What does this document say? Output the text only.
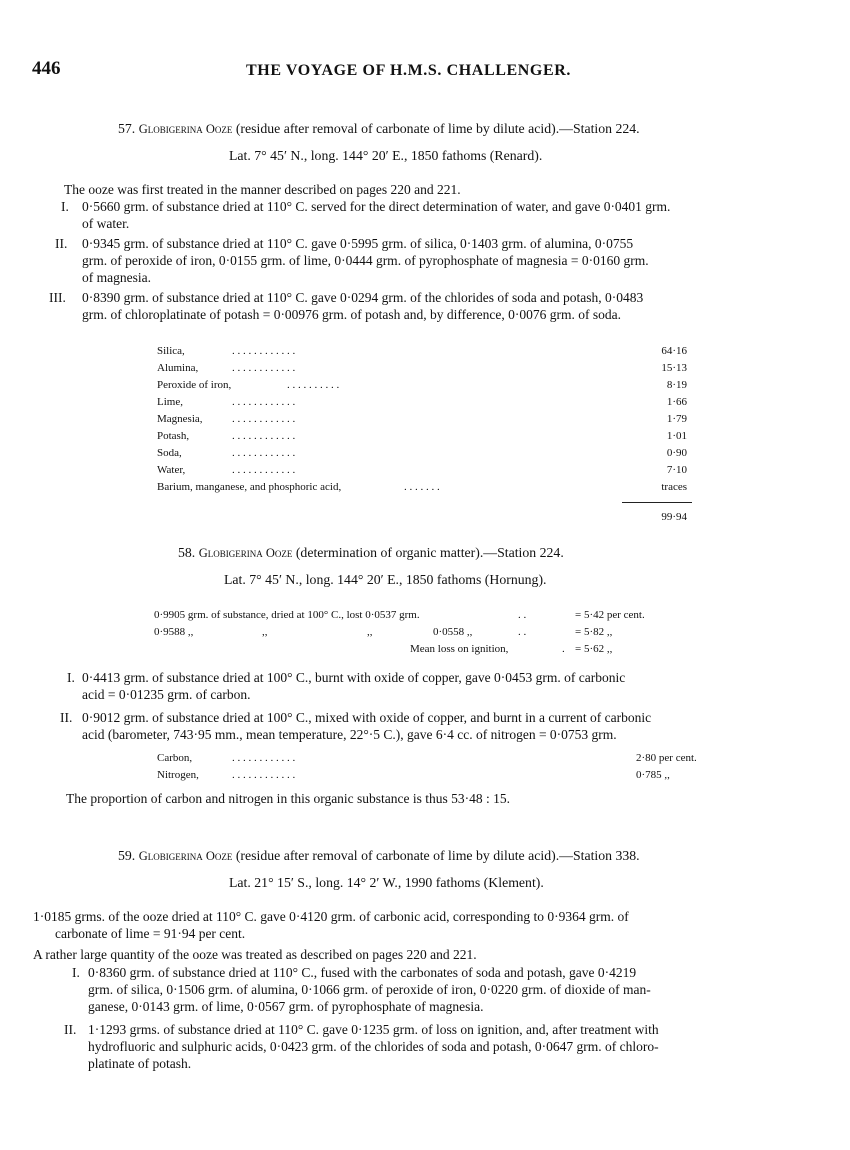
446	THE VOYAGE OF H.M.S. CHALLENGER.
57. Globigerina Ooze (residue after removal of carbonate of lime by dilute acid).—Station 224.
Lat. 7° 45′ N., long. 144° 20′ E., 1850 fathoms (Renard).
The ooze was first treated in the manner described on pages 220 and 221.
I. 0·5660 grm. of substance dried at 110° C. served for the direct determination of water, and gave 0·0401 grm.
of water.
II. 0·9345 grm. of substance dried at 110° C. gave 0·5995 grm. of silica, 0·1403 grm. of alumina, 0·0755
grm. of peroxide of iron, 0·0155 grm. of lime, 0·0444 grm. of pyrophosphate of magnesia = 0·0160 grm.
of magnesia.
III. 0·8390 grm. of substance dried at 110° C. gave 0·0294 grm. of the chlorides of soda and potash, 0·0483
grm. of chloroplatinate of potash = 0·00976 grm. of potash and, by difference, 0·0076 grm. of soda.
Silica,	. . . . . . . . . . . .	64·16
Alumina,	. . . . . . . . . . . .	15·13
Peroxide of iron,	. . . . . . . . . .	8·19
Lime,	. . . . . . . . . . . .	1·66
Magnesia,	. . . . . . . . . . . .	1·79
Potash,	. . . . . . . . . . . .	1·01
Soda,	. . . . . . . . . . . .	0·90
Water,	. . . . . . . . . . . .	7·10
Barium, manganese, and phosphoric acid,	. . . . . . .	traces
99·94
58. Globigerina Ooze (determination of organic matter).—Station 224.
Lat. 7° 45′ N., long. 144° 20′ E., 1850 fathoms (Hornung).
0·9905 grm. of substance, dried at 100° C., lost 0·0537 grm.	. .	= 5·42 per cent.
0·9588 ,,	,,	,,	0·0558 ,,	. .	= 5·82 ,,
Mean loss on ignition,	. = 5·62 ,,
I. 0·4413 grm. of substance dried at 100° C., burnt with oxide of copper, gave 0·0453 grm. of carbonic
acid = 0·01235 grm. of carbon.
II. 0·9012 grm. of substance dried at 100° C., mixed with oxide of copper, and burnt in a current of carbonic
acid (barometer, 743·95 mm., mean temperature, 22°·5 C.), gave 6·4 cc. of nitrogen = 0·0753 grm.
Carbon,	. . . . . . . . . . . .	2·80 per cent.
Nitrogen,	. . . . . . . . . . . .	0·785 ,,
The proportion of carbon and nitrogen in this organic substance is thus 53·48 : 15.
59. Globigerina Ooze (residue after removal of carbonate of lime by dilute acid).—Station 338.
Lat. 21° 15′ S., long. 14° 2′ W., 1990 fathoms (Klement).
1·0185 grms. of the ooze dried at 110° C. gave 0·4120 grm. of carbonic acid, corresponding to 0·9364 grm. of
carbonate of lime = 91·94 per cent.
A rather large quantity of the ooze was treated as described on pages 220 and 221.
I. 0·8360 grm. of substance dried at 110° C., fused with the carbonates of soda and potash, gave 0·4219
grm. of silica, 0·1506 grm. of alumina, 0·1066 grm. of peroxide of iron, 0·0220 grm. of dioxide of man-
ganese, 0·0143 grm. of lime, 0·0567 grm. of pyrophosphate of magnesia.
II. 1·1293 grms. of substance dried at 110° C. gave 0·1235 grm. of loss on ignition, and, after treatment with
hydrofluoric and sulphuric acids, 0·0423 grm. of the chlorides of soda and potash, 0·0647 grm. of chloro-
platinate of potash.
